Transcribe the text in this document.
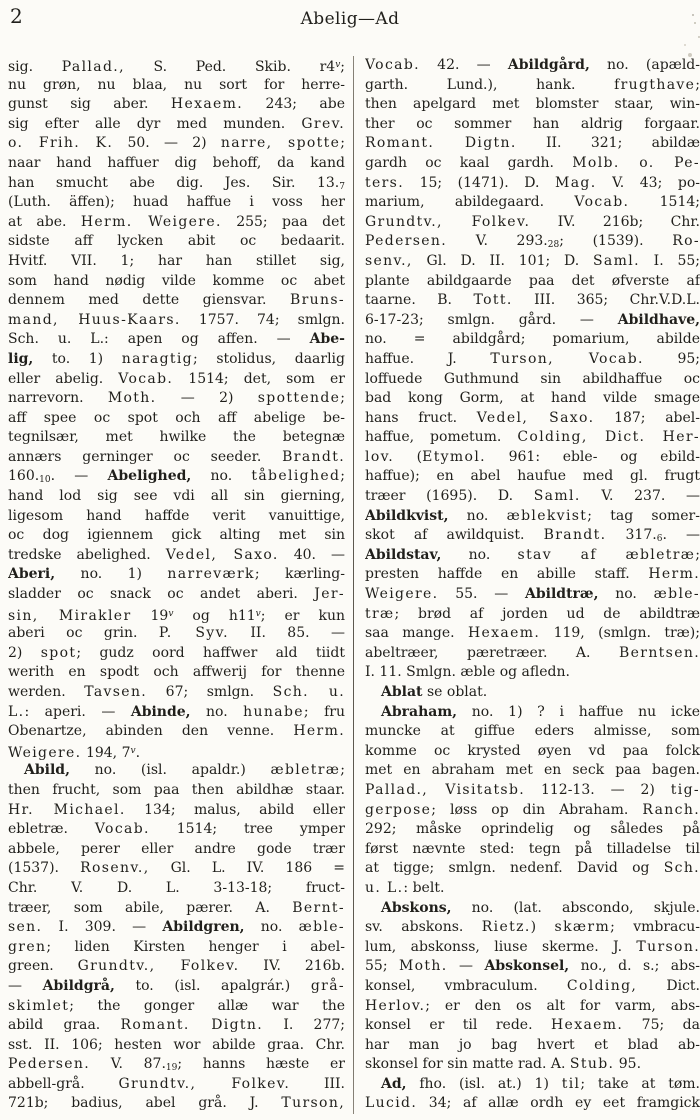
2	Abelig—Ad
sig. Pallad., S. Ped. Skib. r4$^v$;
nu grøn, nu blaa, nu sort for herre-
gunst sig aber. Hexaem. 243; abe
sig efter alle dyr med munden. Grev.
o. Frih. K. 50. — 2) narre, spotte;
naar hand haffuer dig behoff, da kand
han smucht abe dig. Jes. Sir. $13._7$
(Luth. äffen); huad haffue i voss her
at abe. Herm. Weigere. 255; paa det
sidste aff lycken abit oc bedaarit.
Hvitf. VII. 1; har han stillet sig,
som hand nødig vilde komme oc abet
dennem med dette giensvar. Bruns-
mand, Huus-Kaars. 1757. 74; smlgn.
Sch. u. L.: apen og affen. — Abe-
lig, to. 1) naragtig; stolidus, daarlig
eller abelig. Vocab. 1514; det, som er
narrevorn. Moth. — 2) spottende;
aff spee oc spot och aff abelige be-
tegnilsær, met hwilke the betegnæ
annærs gerninger oc seeder. Brandt.
$160._{10}$. — Abelighed, no. tåbelighed;
hand lod sig see vdi all sin gierning,
ligesom hand haffde verit vanuittige,
oc dog igiennem gick alting met sin
tredske abelighed. Vedel, Saxo. 40. —
Aberi, no. 1) narreværk; kærling-
sladder oc snack oc andet aberi. Jer-
sin, Mirakler 19$^v$ og h11$^v$; er kun
aberi oc grin. P. Syv. II. 85. —
2) spot; gudz oord haffwer ald tiidt
werith en spodt och affwerij for thenne
werden. Tavsen. 67; smlgn. Sch. u.
L.: aperi. — Abinde, no. hunabe; fru
Obenartze, abinden den venne. Herm.
Weigere. 194, 7$^v$.
Abild, no. (isl. apaldr.) æbletræ;
then frucht, som paa then abildhæ staar.
Hr. Michael. 134; malus, abild eller
ebletræ. Vocab. 1514; tree ymper
abbele, perer eller andre gode trær
(1537). Rosenv., Gl. L. IV. 186 =
Chr. V. D. L. 3-13-18; fruct-
træer, som abile, pærer. A. Bernt-
sen. I. 309. — Abildgren, no. æble-
gren; liden Kirsten henger i abel-
green. Grundtv., Folkev. IV. 216b.
— Abildgrå, to. (isl. apalgrár.) grå-
skimlet; the gonger allæ war the
abild graa. Romant. Digtn. I. 277;
sst. II. 106; hesten wor abilde graa. Chr.
Pedersen. V. $87._{19}$; hanns hæste er
abbell-grå. Grundtv., Folkev. III.
721b; badius, abel grå. J. Turson,
Vocab. 42. — Abildgård, no. (apæld-
garth. Lund.), hank. frugthave;
then apelgard met blomster staar, win-
ther oc sommer han aldrig forgaar.
Romant. Digtn. II. 321; abildæ
gardh oc kaal gardh. Molb. o. Pe-
ters. 15; (1471). D. Mag. V. 43; po-
marium, abildegaard. Vocab. 1514;
Grundtv., Folkev. IV. 216b; Chr.
Pedersen. V. $293._{28}$; (1539). Ro-
senv., Gl. D. II. 101; D. Saml. I. 55;
plante abildgaarde paa det øfverste af
taarne. B. Tott. III. 365; Chr.V.D.L.
6-17-23; smlgn. gård. — Abildhave,
no. = abildgård; pomarium, abilde
haffue. J. Turson, Vocab. 95;
loffuede Guthmund sin abildhaffue oc
bad kong Gorm, at hand vilde smage
hans fruct. Vedel, Saxo. 187; abel-
haffue, pometum. Colding, Dict. Her-
lov. (Etymol. 961: eble- og ebild-
haffue); en abel haufue med gl. frugt
træer (1695). D. Saml. V. 237. —
Abildkvist, no. æblekvist; tag somer-
skot af awildquist. Brandt. $317._6$. —
Abildstav, no. stav af æbletræ;
presten haffde en abille staff. Herm.
Weigere. 55. — Abildtræ, no. æble-
træ; brød af jorden ud de abildtræ
saa mange. Hexaem. 119, (smlgn. træ);
abeltræer, pæretræer. A. Berntsen.
I. 11. Smlgn. æble og afledn.
Ablat se oblat.
Abraham, no. 1) ? i haffue nu icke
muncke at giffue eders almisse, som
komme oc krysted øyen vd paa folck
met en abraham met en seck paa bagen.
Pallad., Visitatsb. 112-13. — 2) tig-
gerpose; løss op din Abraham. Ranch.
292; måske oprindelig og således på
først nævnte sted: tegn på tilladelse til
at tigge; smlgn. nedenf. David og Sch.
u. L.: belt.
Abskons, no. (lat. abscondo, skjule.
sv. abskons. Rietz.) skærm; vmbracu-
lum, abskonss, liuse skerme. J. Turson.
55; Moth. — Abskonsel, no., d. s.; abs-
konsel, vmbraculum. Colding, Dict.
Herlov.; er den os alt for varm, abs-
konsel er til rede. Hexaem. 75; da
har man jo bag hvert et blad ab-
skonsel for sin matte rad. A. Stub. 95.
Ad, fho. (isl. at.) 1) til; take at tøm.
Lucid. 34; af allæ ordh ey eet framgick
